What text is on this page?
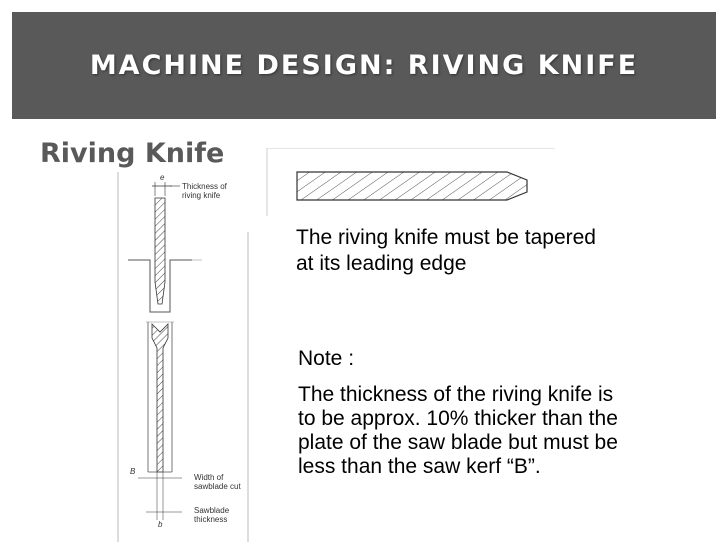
MACHINE DESIGN: RIVING KNIFE
Riving Knife
e
Thickness of
riving knife
B
Width of
sawblade cut
b
Sawblade
thickness

The riving knife must be tapered
at its leading edge

Note :

The thickness of the riving knife is
to be approx. 10% thicker than the
plate of the saw blade but must be
less than the saw kerf “B”.
